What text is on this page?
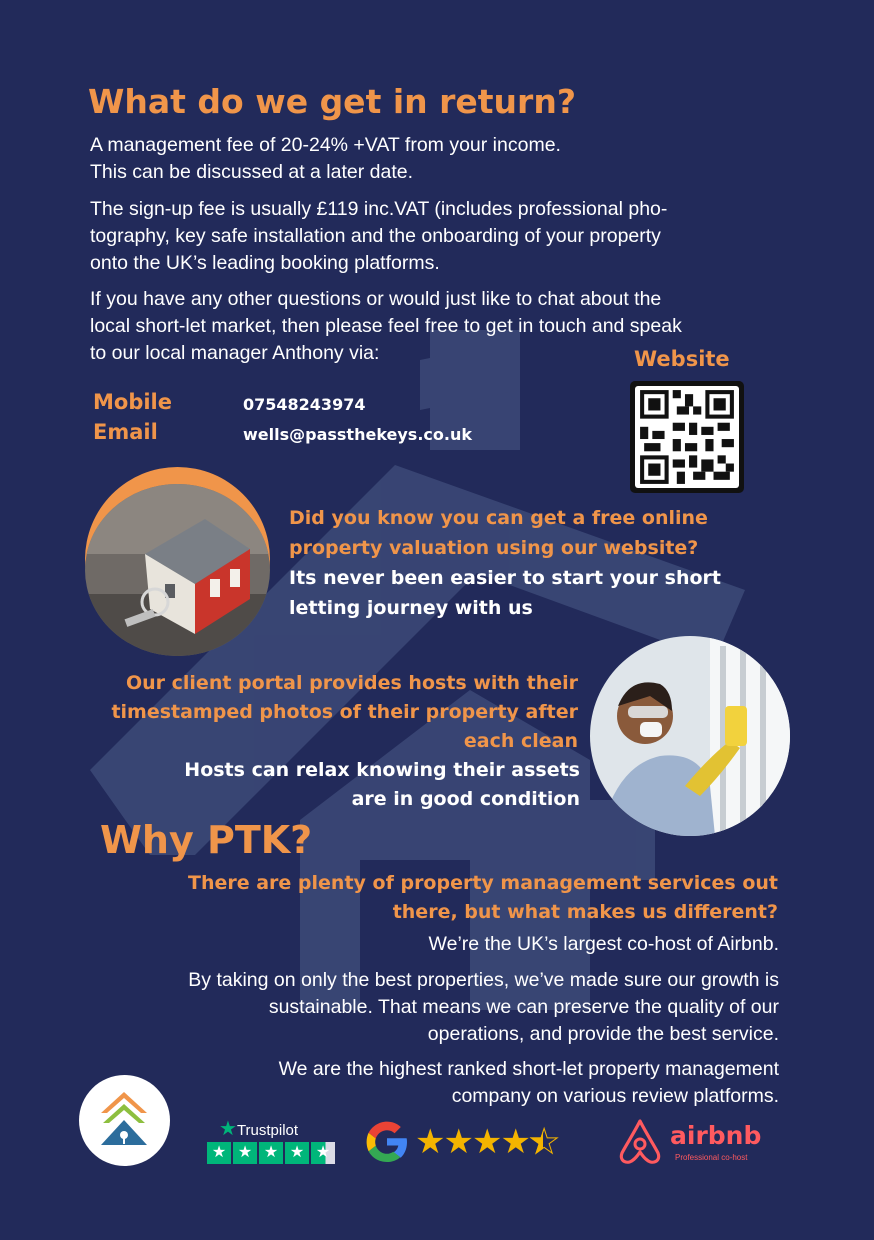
What do we get in return?

A management fee of 20-24% +VAT from your income.

This can be discussed at a later date.

The sign-up fee is usually £119 inc.VAT (includes professional pho-

tography, key safe installation and the onboarding of your property

onto the UK’s leading booking platforms.

If you have any other questions or would just like to chat about the

local short-let market, then please feel free to get in touch and speak

to our local manager Anthony via:	Website
Mobile	07548243974
Email	wells@passthekeys.co.uk
Did you know you can get a free online
property valuation using our website?
Its never been easier to start your short
letting journey with us
Our client portal provides hosts with their
timestamped photos of their property after
each clean
Hosts can relax knowing their assets
are in good condition
Why PTK?
There are plenty of property management services out
there, but what makes us different?

We’re the UK’s largest co-host of Airbnb.

By taking on only the best properties, we’ve made sure our growth is

sustainable. That means we can preserve the quality of our

operations, and provide the best service.

We are the highest ranked short-let property management

company on various review platforms.

★Trustpilot
★ ★ ★ ★ ★ ★★★★★	airbnb
Professional co-host
